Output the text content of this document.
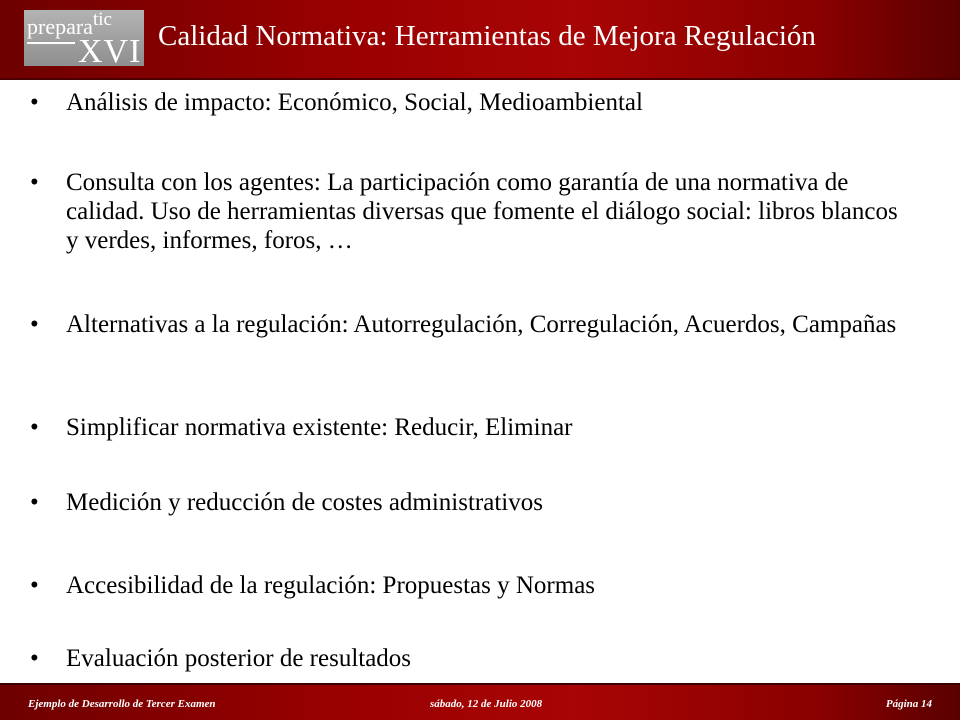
preparatic
XVI Calidad Normativa: Herramientas de Mejora Regulación
• Análisis de impacto: Económico, Social, Medioambiental
• Consulta con los agentes: La participación como garantía de una normativa de calidad. Uso de herramientas diversas que fomente el diálogo social: libros blancos y verdes, informes, foros, …
• Alternativas a la regulación: Autorregulación, Corregulación, Acuerdos, Campañas
• Simplificar normativa existente: Reducir, Eliminar
• Medición y reducción de costes administrativos
• Accesibilidad de la regulación: Propuestas y Normas
• Evaluación posterior de resultados
Ejemplo de Desarrollo de Tercer Examen	sábado, 12 de Julio 2008	Página 14
